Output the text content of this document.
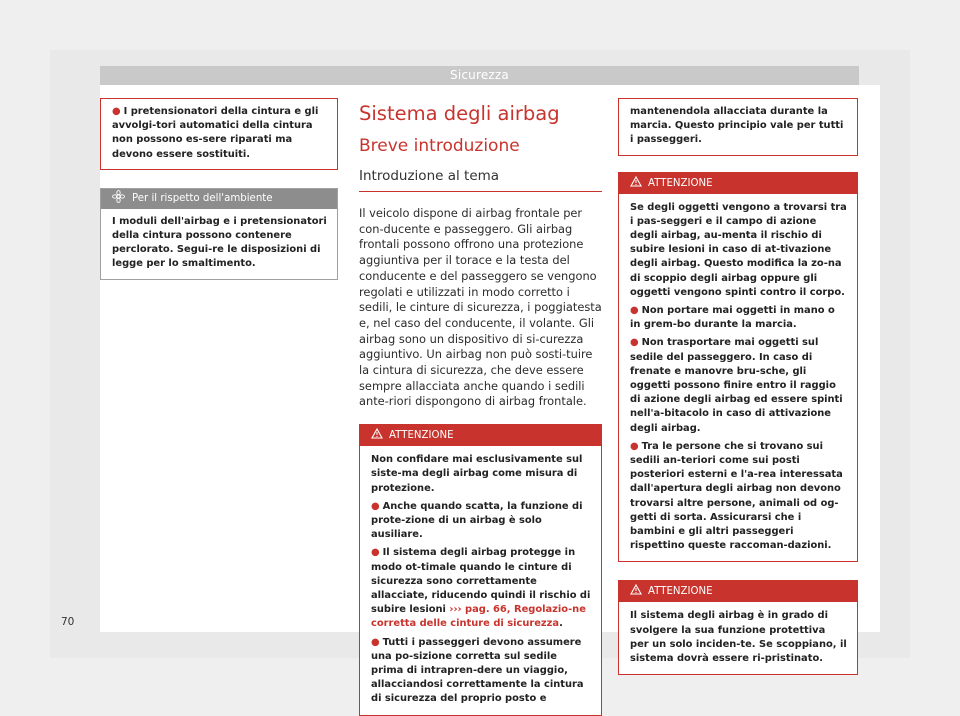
Sicurezza

● I pretensionatori della cintura e gli avvolgi-tori automatici della cintura non possono es-sere riparati ma devono essere sostituiti.

Per il rispetto dell'ambiente

I moduli dell'airbag e i pretensionatori della cintura possono contenere perclorato. Segui-re le disposizioni di legge per lo smaltimento.

Sistema degli airbag
Breve introduzione
Introduzione al tema

Il veicolo dispone di airbag frontale per con-ducente e passeggero. Gli airbag frontali possono offrono una protezione aggiuntiva per il torace e la testa del conducente e del passeggero se vengono regolati e utilizzati in modo corretto i sedili, le cinture di sicurezza, i poggiatesta e, nel caso del conducente, il volante. Gli airbag sono un dispositivo di si-curezza aggiuntivo. Un airbag non può sosti-tuire la cintura di sicurezza, che deve essere sempre allacciata anche quando i sedili ante-riori dispongono di airbag frontale.

ATTENZIONE

Non confidare mai esclusivamente sul siste-ma degli airbag come misura di protezione.

● Anche quando scatta, la funzione di prote-zione di un airbag è solo ausiliare.

● Il sistema degli airbag protegge in modo ot-timale quando le cinture di sicurezza sono correttamente allacciate, riducendo quindi il rischio di subire lesioni ››› pag. 66, Regolazio-ne corretta delle cinture di sicurezza.

● Tutti i passeggeri devono assumere una po-sizione corretta sul sedile prima di intrapren-dere un viaggio, allacciandosi correttamente la cintura di sicurezza del proprio posto e

mantenendola allacciata durante la marcia. Questo principio vale per tutti i passeggeri.

ATTENZIONE

Se degli oggetti vengono a trovarsi tra i pas-seggeri e il campo di azione degli airbag, au-menta il rischio di subire lesioni in caso di at-tivazione degli airbag. Questo modifica la zo-na di scoppio degli airbag oppure gli oggetti vengono spinti contro il corpo.

● Non portare mai oggetti in mano o in grem-bo durante la marcia.

● Non trasportare mai oggetti sul sedile del passeggero. In caso di frenate e manovre bru-sche, gli oggetti possono finire entro il raggio di azione degli airbag ed essere spinti nell'a-bitacolo in caso di attivazione degli airbag.

● Tra le persone che si trovano sui sedili an-teriori come sui posti posteriori esterni e l'a-rea interessata dall'apertura degli airbag non devono trovarsi altre persone, animali od og-getti di sorta. Assicurarsi che i bambini e gli altri passeggeri rispettino queste raccoman-dazioni.

ATTENZIONE

Il sistema degli airbag è in grado di svolgere la sua funzione protettiva per un solo inciden-te. Se scoppiano, il sistema dovrà essere ri-pristinato.

70
